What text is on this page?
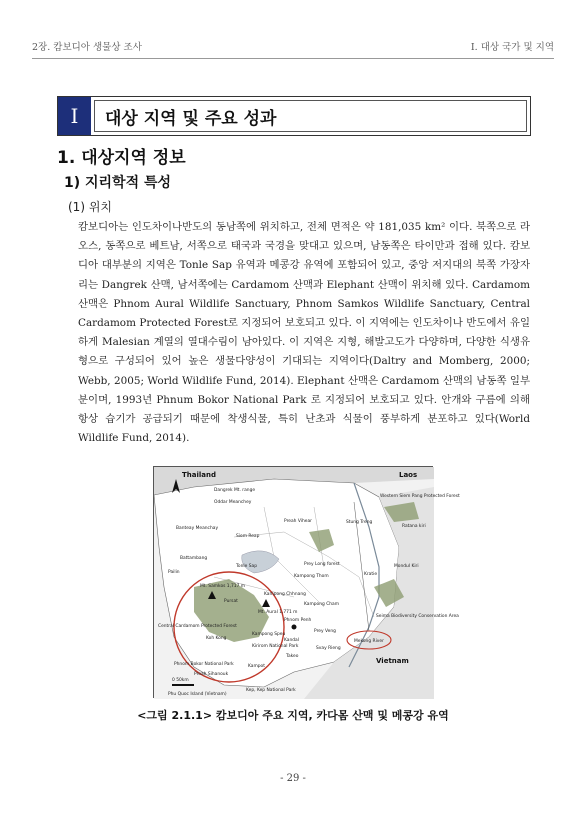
2장. 캄보디아 생물상 조사	I. 대상 국가 및 지역
I	대상 지역 및 주요 성과
1. 대상지역 정보
1) 지리학적 특성
(1) 위치

캄보디아는 인도차이나반도의 동남쪽에 위치하고, 전체 면적은 약 181,035 km² 이다. 북쪽으로 라오스, 동쪽으로 베트남, 서쪽으로 태국과 국경을 맞대고 있으며, 남동쪽은 타이만과 접해 있다. 캄보디아 대부분의 지역은 Tonle Sap 유역과 메콩강 유역에 포함되어 있고, 중앙 저지대의 북쪽 가장자리는 Dangrek 산맥, 남서쪽에는 Cardamom 산맥과 Elephant 산맥이 위치해 있다. Cardamom 산맥은 Phnom Aural Wildlife Sanctuary, Phnom Samkos Wildlife Sanctuary, Central Cardamom Protected Forest로 지정되어 보호되고 있다. 이 지역에는 인도차이나 반도에서 유일하게 Malesian 계열의 열대수림이 남아있다. 이 지역은 지형, 해발고도가 다양하며, 다양한 식생유형으로 구성되어 있어 높은 생물다양성이 기대되는 지역이다(Daltry and Momberg, 2000; Webb, 2005; World Wildlife Fund, 2014). Elephant 산맥은 Cardamom 산맥의 남동쪽 일부분이며, 1993년 Phnum Bokor National Park 로 지정되어 보호되고 있다. 안개와 구름에 의해 항상 습기가 공급되기 때문에 착생식물, 특히 난초과 식물이 풍부하게 분포하고 있다(World Wildlife Fund, 2014).

Thailand	Laos
Vietnam
Dangrek Mt. range
Oddar Meanchey
Banteay Meanchay
Siem Reap
Preah Vihear	Stung Treng
Ratana kiri
Western Siem Pang Protected Forest
Battambang
Pailin
Tonle Sap	Prey Long forest
Kampong Thom	Kratie
Mondul Kiri
Seima Biodiversity Conservation Area
Mt. Samkos 1,717 m
Pursat
Kampong Chhnang
Mt. Aural 1,771 m
Kampong Cham
Central Cardamom Protected Forest
Koh Kong
Kampong Speu
Phnom Penh
Prey Veng
Kirirom National Park
Kandal
Svay Rieng
Takeo
Phnom Bokor National Park	Kampot
Preah Sihanouk
Kep, Kep National Park
Phu Quoc Island (Vietnam)
Mekong River
0 50km
<그림 2.1.1> 캄보디아 주요 지역, 카다몸 산맥 및 메콩강 유역
- 29 -
